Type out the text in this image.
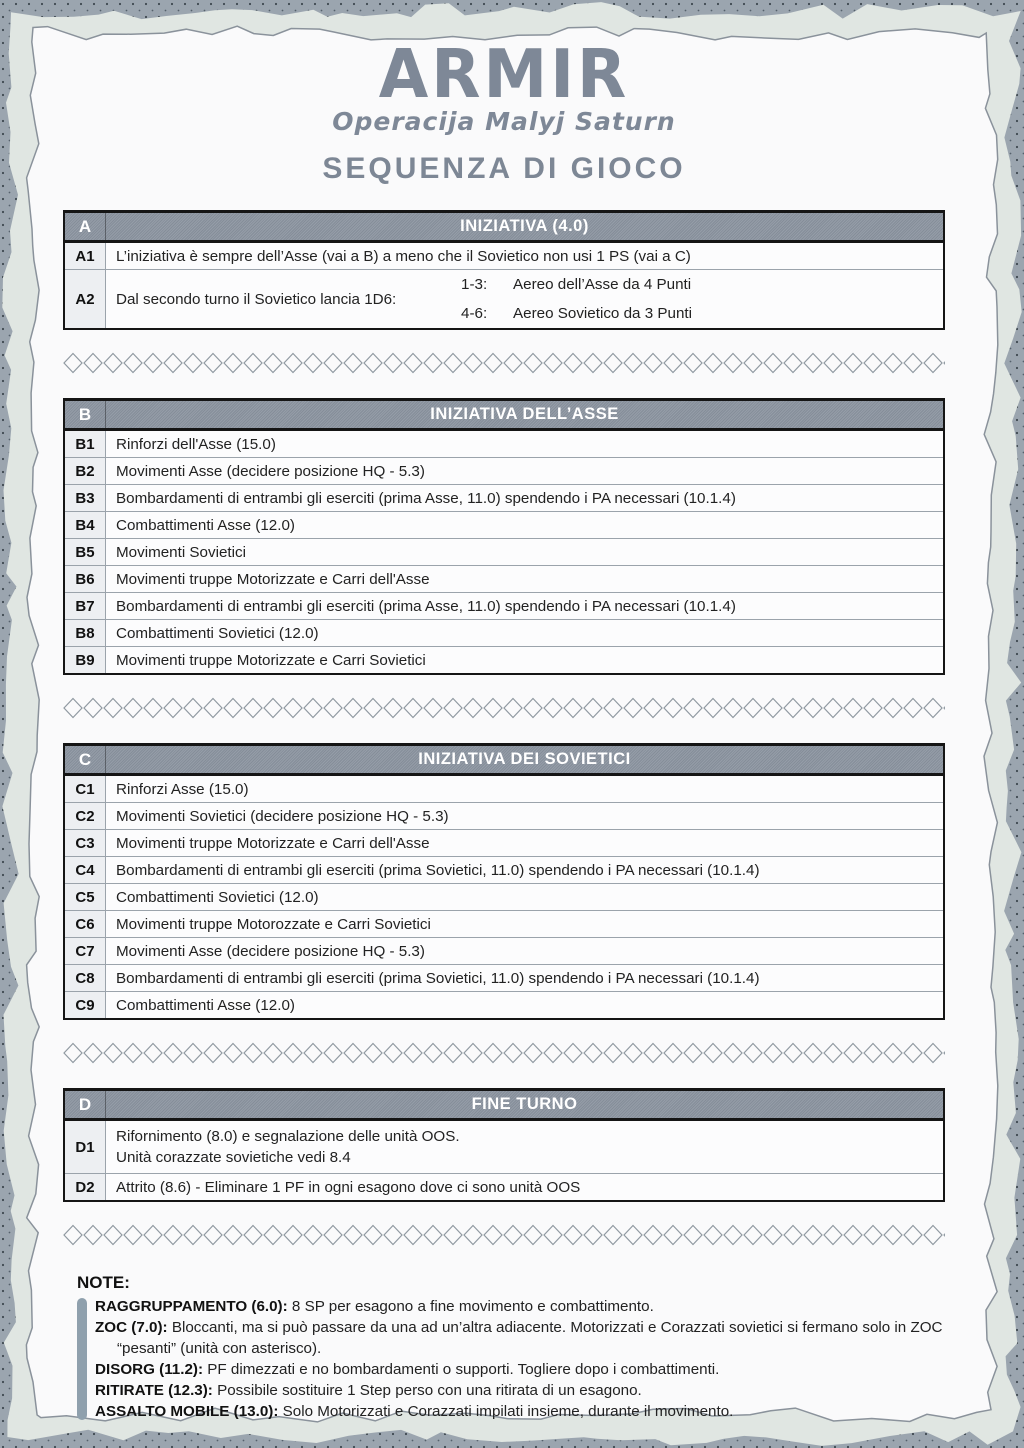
ARMIR
Operacija Malyj Saturn
SEQUENZA DI GIOCO
A	INIZIATIVA (4.0)
A1	L’iniziativa è sempre dell’Asse (vai a B) a meno che il Sovietico non usi 1 PS (vai a C)
A2	Dal secondo turno il Sovietico lancia 1D6:
1-3:	Aereo dell’Asse da 4 Punti
4-6:	Aereo Sovietico da 3 Punti
B	INIZIATIVA DELL’ASSE
B1	Rinforzi dell'Asse (15.0)
B2	Movimenti Asse (decidere posizione HQ - 5.3)
B3	Bombardamenti di entrambi gli eserciti (prima Asse, 11.0) spendendo i PA necessari (10.1.4)
B4	Combattimenti Asse (12.0)
B5	Movimenti Sovietici
B6	Movimenti truppe Motorizzate e Carri dell'Asse
B7	Bombardamenti di entrambi gli eserciti (prima Asse, 11.0) spendendo i PA necessari (10.1.4)
B8	Combattimenti Sovietici (12.0)
B9	Movimenti truppe Motorizzate e Carri Sovietici
C	INIZIATIVA DEI SOVIETICI
C1	Rinforzi Asse (15.0)
C2	Movimenti Sovietici (decidere posizione HQ - 5.3)
C3	Movimenti truppe Motorizzate e Carri dell'Asse
C4	Bombardamenti di entrambi gli eserciti (prima Sovietici, 11.0) spendendo i PA necessari (10.1.4)
C5	Combattimenti Sovietici (12.0)
C6	Movimenti truppe Motorozzate e Carri Sovietici
C7	Movimenti Asse (decidere posizione HQ - 5.3)
C8	Bombardamenti di entrambi gli eserciti (prima Sovietici, 11.0) spendendo i PA necessari (10.1.4)
C9	Combattimenti Asse (12.0)
D	FINE TURNO
D1
Rifornimento (8.0) e segnalazione delle unità OOS.
Unità corazzate sovietiche vedi 8.4
D2	Attrito (8.6) - Eliminare 1 PF in ogni esagono dove ci sono unità OOS
NOTE:
RAGGRUPPAMENTO (6.0): 8 SP per esagono a fine movimento e combattimento.
ZOC (7.0): Bloccanti, ma si può passare da una ad un’altra adiacente. Motorizzati e Corazzati sovietici si fermano solo in ZOC “pesanti” (unità con asterisco).
DISORG (11.2): PF dimezzati e no bombardamenti o supporti. Togliere dopo i combattimenti.
RITIRATE (12.3): Possibile sostituire 1 Step perso con una ritirata di un esagono.
ASSALTO MOBILE (13.0): Solo Motorizzati e Corazzati impilati insieme, durante il movimento.
